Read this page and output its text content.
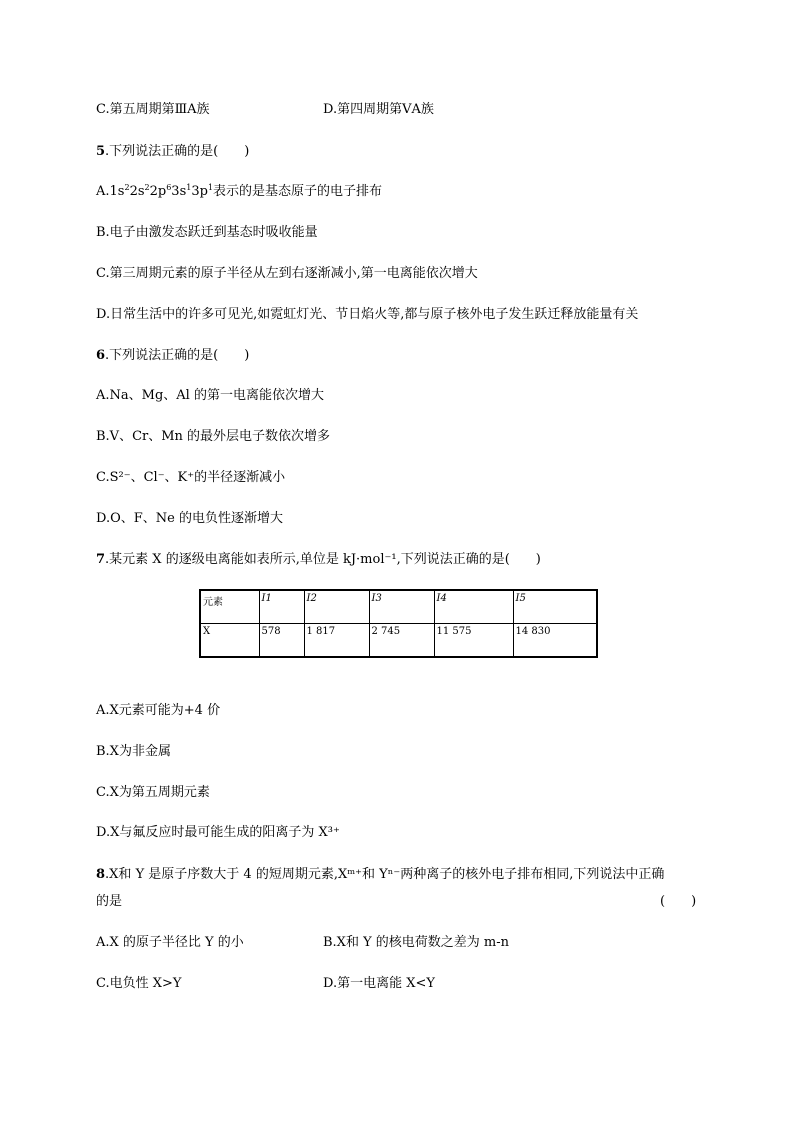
C.第五周期第ⅢA族	D.第四周期第ⅤA族
5.下列说法正确的是(　　)
$A.1s^22s^22p^63s^13p^1$表示的是基态原子的电子排布
B.电子由激发态跃迁到基态时吸收能量
C.第三周期元素的原子半径从左到右逐渐减小,第一电离能依次增大
D.日常生活中的许多可见光,如霓虹灯光、节日焰火等,都与原子核外电子发生跃迁释放能量有关
6.下列说法正确的是(　　)
A.Na、Mg、Al 的第一电离能依次增大
B.V、Cr、Mn 的最外层电子数依次增多
C.S²⁻、Cl⁻、K⁺的半径逐渐减小
D.O、F、Ne 的电负性逐渐增大
7.某元素 X 的逐级电离能如表所示,单位是 kJ·mol⁻¹,下列说法正确的是(　　)
元素	I1	I2	I3	I4	I5
X	578	1 817	2 745	11 575	14 830
A.X元素可能为+4 价
B.X为非金属
C.X为第五周期元素
D.X与氟反应时最可能生成的阳离子为 X³⁺
8.X和 Y 是原子序数大于 4 的短周期元素,Xᵐ⁺和 Yⁿ⁻两种离子的核外电子排布相同,下列说法中正确
的是	(　　)
A.X 的原子半径比 Y 的小	B.X和 Y 的核电荷数之差为 m-n
C.电负性 X>Y	D.第一电离能 X<Y
